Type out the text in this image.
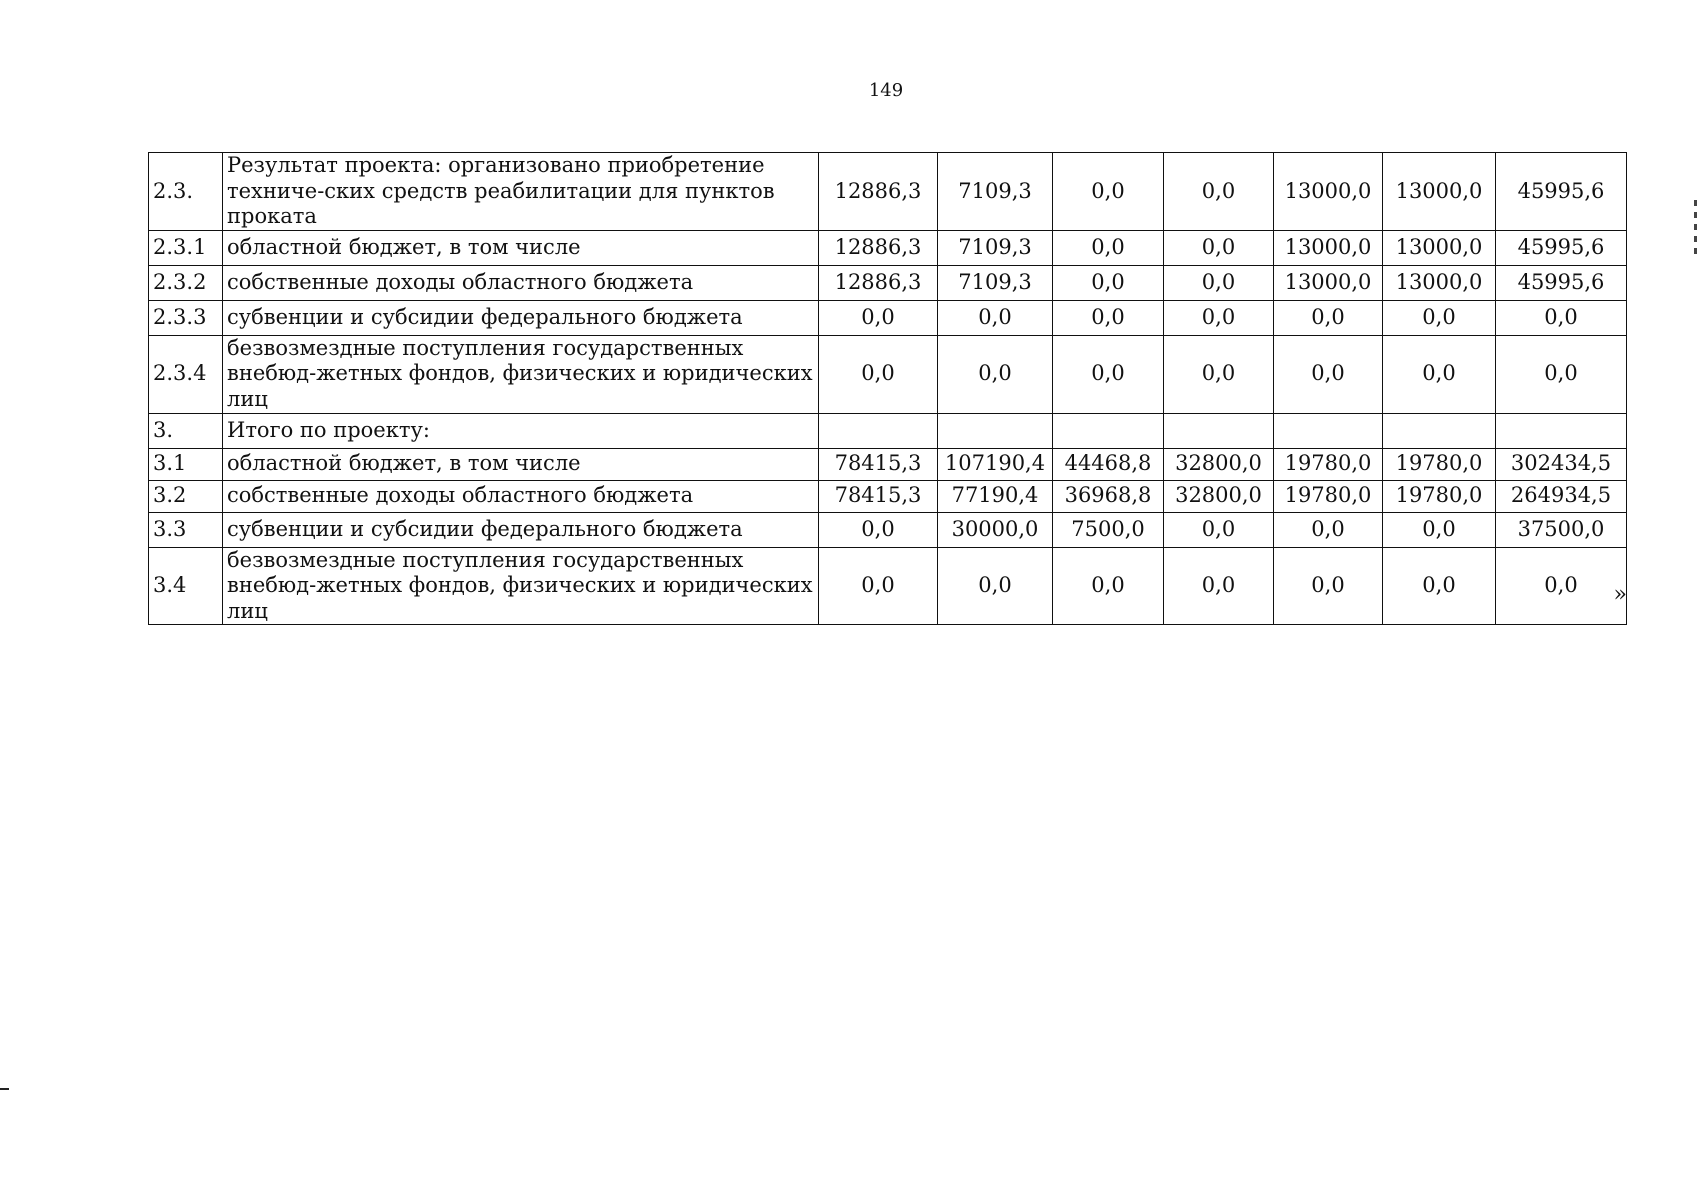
149
2.3.	Результат проекта: организовано приобретение техниче-ских средств реабилитации для пунктов проката	12886,3	7109,3	0,0	0,0	13000,0	13000,0	45995,6
2.3.1	областной бюджет, в том числе	12886,3	7109,3	0,0	0,0	13000,0	13000,0	45995,6
2.3.2	собственные доходы областного бюджета	12886,3	7109,3	0,0	0,0	13000,0	13000,0	45995,6
2.3.3	субвенции и субсидии федерального бюджета	0,0	0,0	0,0	0,0	0,0	0,0	0,0
2.3.4	безвозмездные поступления государственных внебюд-жетных фондов, физических и юридических лиц	0,0	0,0	0,0	0,0	0,0	0,0	0,0
3.	Итого по проекту:							
3.1	областной бюджет, в том числе	78415,3	107190,4	44468,8	32800,0	19780,0	19780,0	302434,5
3.2	собственные доходы областного бюджета	78415,3	77190,4	36968,8	32800,0	19780,0	19780,0	264934,5
3.3	субвенции и субсидии федерального бюджета	0,0	30000,0	7500,0	0,0	0,0	0,0	37500,0
3.4	безвозмездные поступления государственных внебюд-жетных фондов, физических и юридических лиц	0,0	0,0	0,0	0,0	0,0	0,0	0,0 »
